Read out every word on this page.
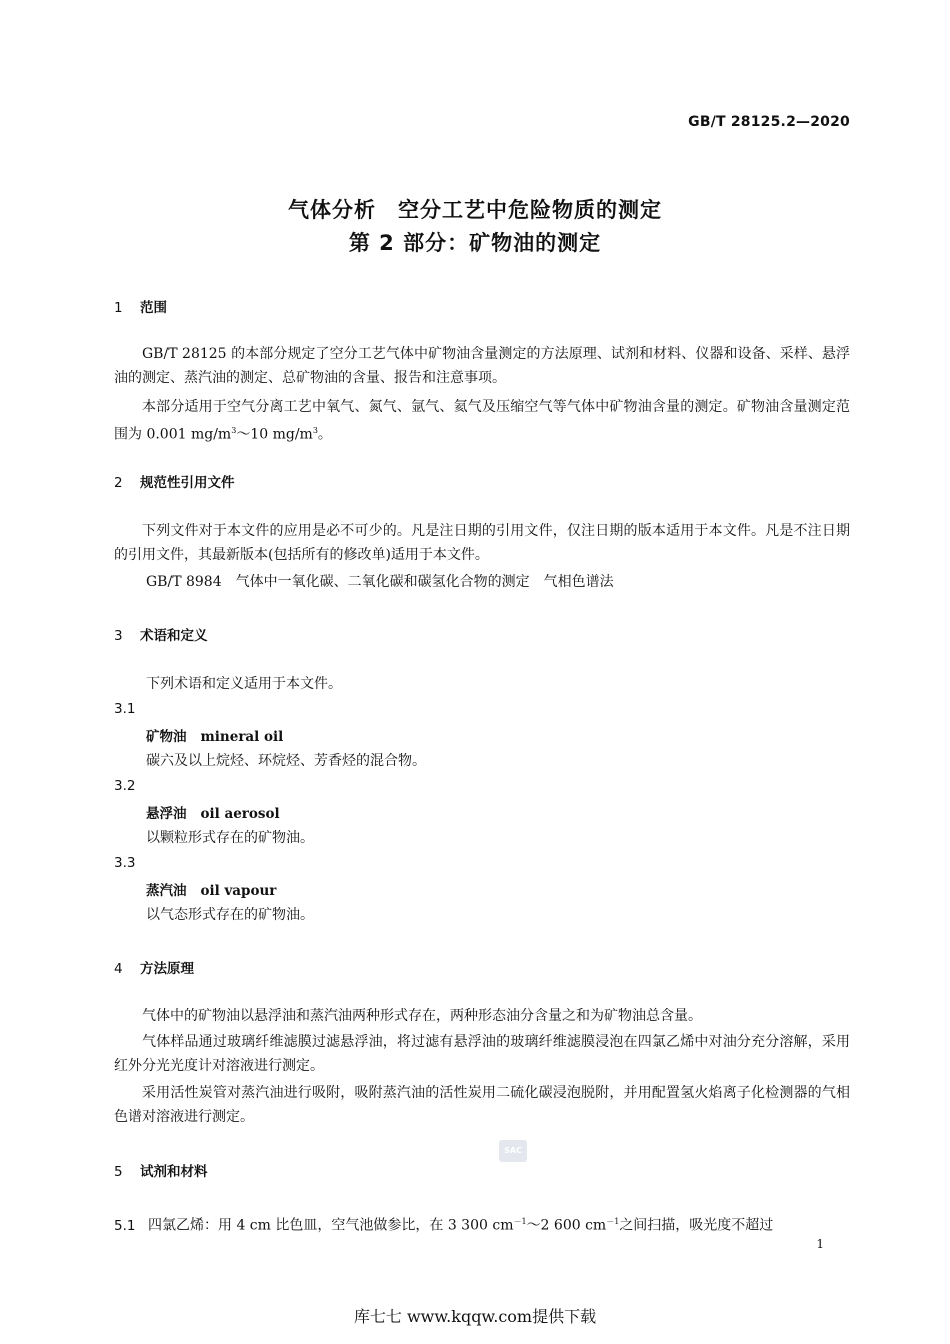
GB/T 28125.2—2020
气体分析　空分工艺中危险物质的测定
第 2 部分：矿物油的测定
1 范围
GB/T 28125 的本部分规定了空分工艺气体中矿物油含量测定的方法原理、试剂和材料、仪器和设备、采样、悬浮油的测定、蒸汽油的测定、总矿物油的含量、报告和注意事项。
本部分适用于空气分离工艺中氧气、氮气、氩气、氦气及压缩空气等气体中矿物油含量的测定。矿物油含量测定范围为 0.001 $mg/m^3\sim 10$ $mg/m^3$。
2 规范性引用文件
下列文件对于本文件的应用是必不可少的。凡是注日期的引用文件，仅注日期的版本适用于本文件。凡是不注日期的引用文件，其最新版本(包括所有的修改单)适用于本文件。
GB/T 8984　气体中一氧化碳、二氧化碳和碳氢化合物的测定　气相色谱法
3 术语和定义
下列术语和定义适用于本文件。
3.1
矿物油 mineral oil
碳六及以上烷烃、环烷烃、芳香烃的混合物。
3.2
悬浮油 oil aerosol
以颗粒形式存在的矿物油。
3.3
蒸汽油 oil vapour
以气态形式存在的矿物油。
4 方法原理
气体中的矿物油以悬浮油和蒸汽油两种形式存在，两种形态油分含量之和为矿物油总含量。
气体样品通过玻璃纤维滤膜过滤悬浮油，将过滤有悬浮油的玻璃纤维滤膜浸泡在四氯乙烯中对油分充分溶解，采用红外分光光度计对溶液进行测定。
采用活性炭管对蒸汽油进行吸附，吸附蒸汽油的活性炭用二硫化碳浸泡脱附，并用配置氢火焰离子化检测器的气相色谱对溶液进行测定。
SAC
5 试剂和材料
5.1 四氯乙烯：用 4 cm 比色皿，空气池做参比，在 3 300 $cm^{-1}\sim 2$ 600 $cm^{-1}$之间扫描，吸光度不超过
1
库七七 www.kqqw.com提供下载
